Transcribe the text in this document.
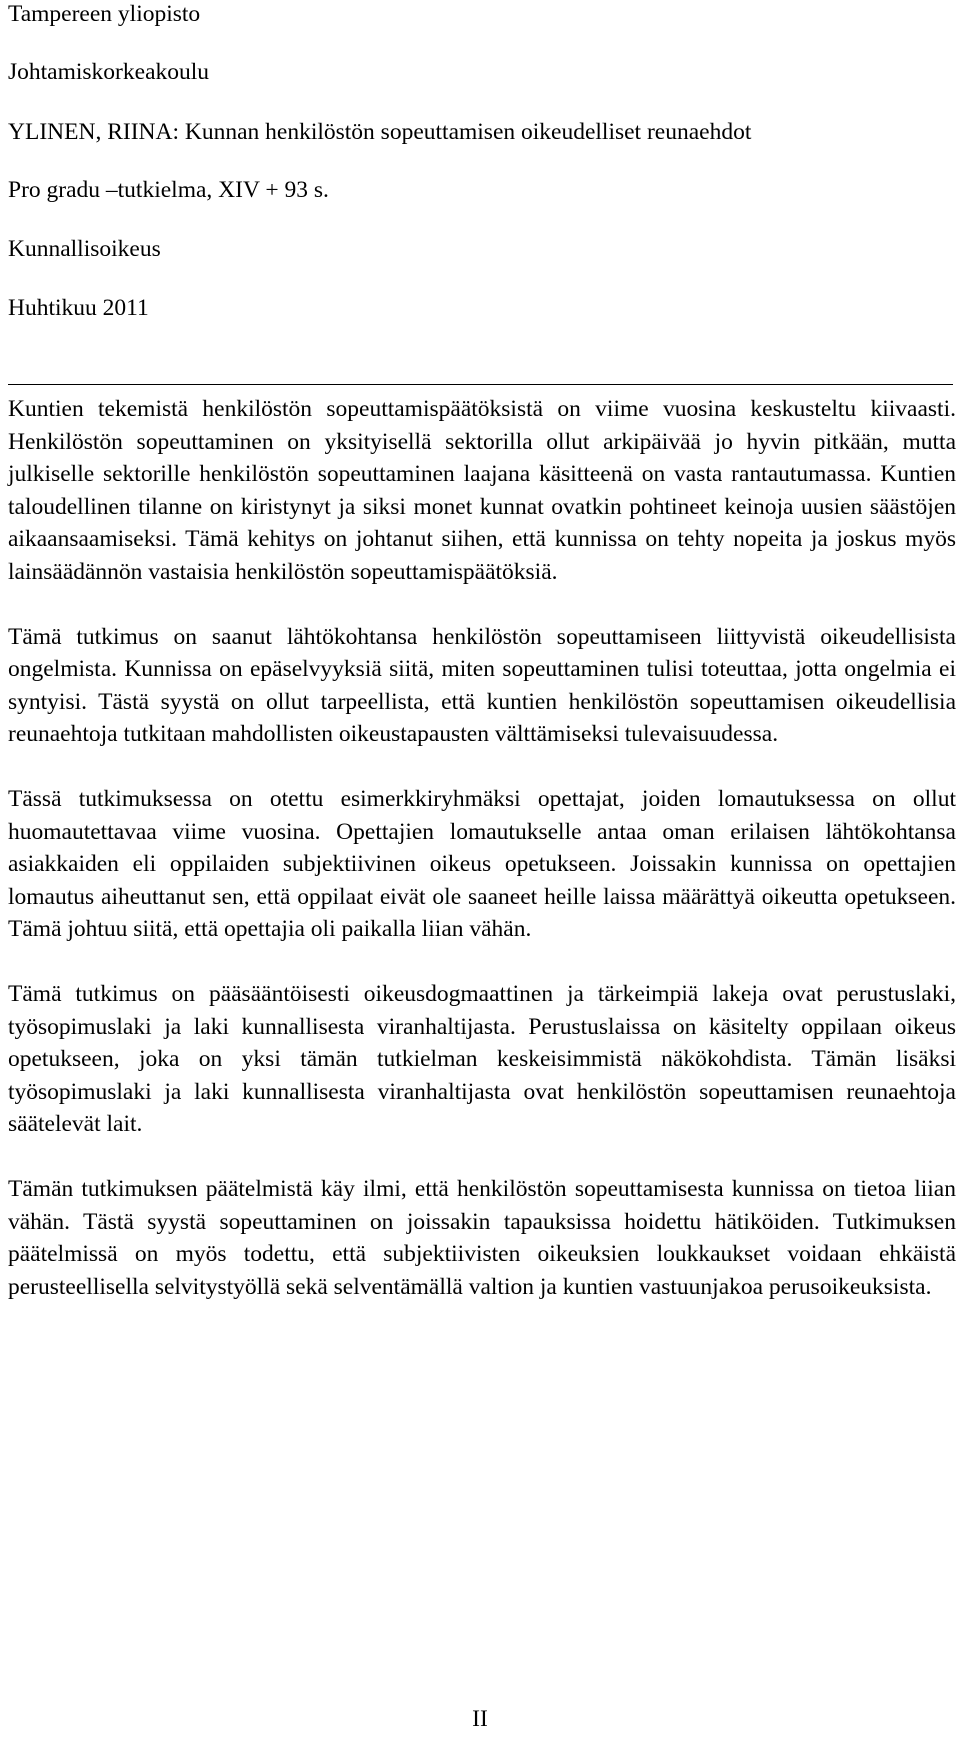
Tampereen yliopisto
Johtamiskorkeakoulu
YLINEN, RIINA: Kunnan henkilöstön sopeuttamisen oikeudelliset reunaehdot
Pro gradu –tutkielma, XIV + 93 s.
Kunnallisoikeus
Huhtikuu 2011

Kuntien tekemistä henkilöstön sopeuttamispäätöksistä on viime vuosina keskusteltu kiivaasti. Henkilöstön sopeuttaminen on yksityisellä sektorilla ollut arkipäivää jo hyvin pitkään, mutta julkiselle sektorille henkilöstön sopeuttaminen laajana käsitteenä on vasta rantautumassa. Kuntien taloudellinen tilanne on kiristynyt ja siksi monet kunnat ovatkin pohtineet keinoja uusien säästöjen aikaansaamiseksi. Tämä kehitys on johtanut siihen, että kunnissa on tehty nopeita ja joskus myös lainsäädännön vastaisia henkilöstön sopeuttamispäätöksiä.

Tämä tutkimus on saanut lähtökohtansa henkilöstön sopeuttamiseen liittyvistä oikeudellisista ongelmista. Kunnissa on epäselvyyksiä siitä, miten sopeuttaminen tulisi toteuttaa, jotta ongelmia ei syntyisi. Tästä syystä on ollut tarpeellista, että kuntien henkilöstön sopeuttamisen oikeudellisia reunaehtoja tutkitaan mahdollisten oikeustapausten välttämiseksi tulevaisuudessa.

Tässä tutkimuksessa on otettu esimerkkiryhmäksi opettajat, joiden lomautuksessa on ollut huomautettavaa viime vuosina. Opettajien lomautukselle antaa oman erilaisen lähtökohtansa asiakkaiden eli oppilaiden subjektiivinen oikeus opetukseen. Joissakin kunnissa on opettajien lomautus aiheuttanut sen, että oppilaat eivät ole saaneet heille laissa määrättyä oikeutta opetukseen. Tämä johtuu siitä, että opettajia oli paikalla liian vähän.

Tämä tutkimus on pääsääntöisesti oikeusdogmaattinen ja tärkeimpiä lakeja ovat perustuslaki, työsopimuslaki ja laki kunnallisesta viranhaltijasta. Perustuslaissa on käsitelty oppilaan oikeus opetukseen, joka on yksi tämän tutkielman keskeisimmistä näkökohdista. Tämän lisäksi työsopimuslaki ja laki kunnallisesta viranhaltijasta ovat henkilöstön sopeuttamisen reunaehtoja säätelevät lait.

Tämän tutkimuksen päätelmistä käy ilmi, että henkilöstön sopeuttamisesta kunnissa on tietoa liian vähän. Tästä syystä sopeuttaminen on joissakin tapauksissa hoidettu hätiköiden. Tutkimuksen päätelmissä on myös todettu, että subjektiivisten oikeuksien loukkaukset voidaan ehkäistä perusteellisella selvitystyöllä sekä selventämällä valtion ja kuntien vastuunjakoa perusoikeuksista.

II
